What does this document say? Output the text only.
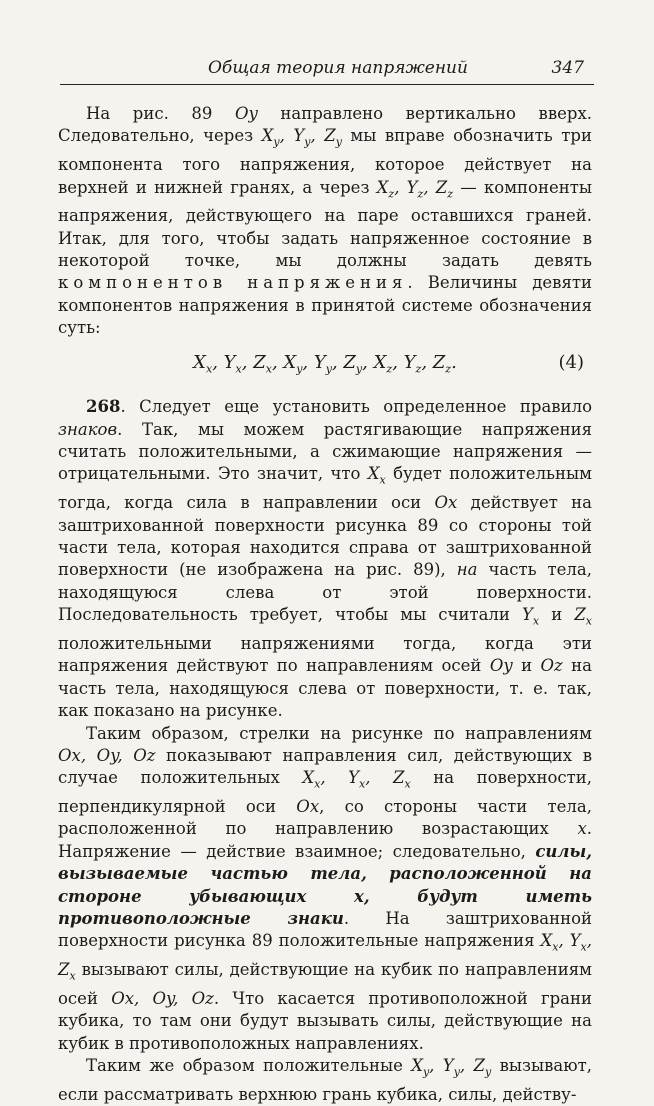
Общая теория напряжений	347

На рис. 89 Oy направлено вертикально вверх. Следовательно, через $X_y$, $Y_y$, $Z_y$ мы вправе обозначить три компонента того напряжения, которое действует на верхней и нижней гранях, а через $X_z$, $Y_z$, $Z_z$ — компоненты напряжения, действующего на паре оставшихся граней. Итак, для того, чтобы задать напряженное состояние в некоторой точке, мы должны задать девять компонентов напряжения. Величины девяти компонентов напряжения в принятой системе обозначения суть:

$X_x$, $Y_x$, $Z_x$, $X_y$, $Y_y$, $Z_y$, $X_z$, $Y_z$, $Z_z$.	(4)

268. Следует еще установить определенное правило знаков. Так, мы можем растягивающие напряжения считать положительными, а сжимающие напряжения — отрицательными. Это значит, что $X_x$ будет положительным тогда, когда сила в направлении оси Ox действует на заштрихованной поверхности рисунка 89 со стороны той части тела, которая находится справа от заштрихованной поверхности (не изображена на рис. 89), на часть тела, находящуюся слева от этой поверхности. Последовательность требует, чтобы мы считали $Y_x$ и $Z_x$ положительными напряжениями тогда, когда эти напряжения действуют по направлениям осей Oy и Oz на часть тела, находящуюся слева от поверхности, т. е. так, как показано на рисунке.

Таким образом, стрелки на рисунке по направлениям Ox, Oy, Oz показывают направления сил, действующих в случае положительных $X_x$, $Y_x$, $Z_x$ на поверхности, перпендикулярной оси Ox, со стороны части тела, расположенной по направлению возрастающих x. Напряжение — действие взаимное; следовательно, силы, вызываемые частью тела, расположенной на стороне убывающих x, будут иметь противоположные знаки. На заштрихованной поверхности рисунка 89 положительные напряжения $X_x$, $Y_x$, $Z_x$ вызывают силы, действующие на кубик по направлениям осей Ox, Oy, Oz. Что касается противоположной грани кубика, то там они будут вызывать силы, действующие на кубик в противоположных направлениях.

Таким же образом положительные $X_y$, $Y_y$, $Z_y$ вызывают, если рассматривать верхнюю грань кубика, силы, действу-
